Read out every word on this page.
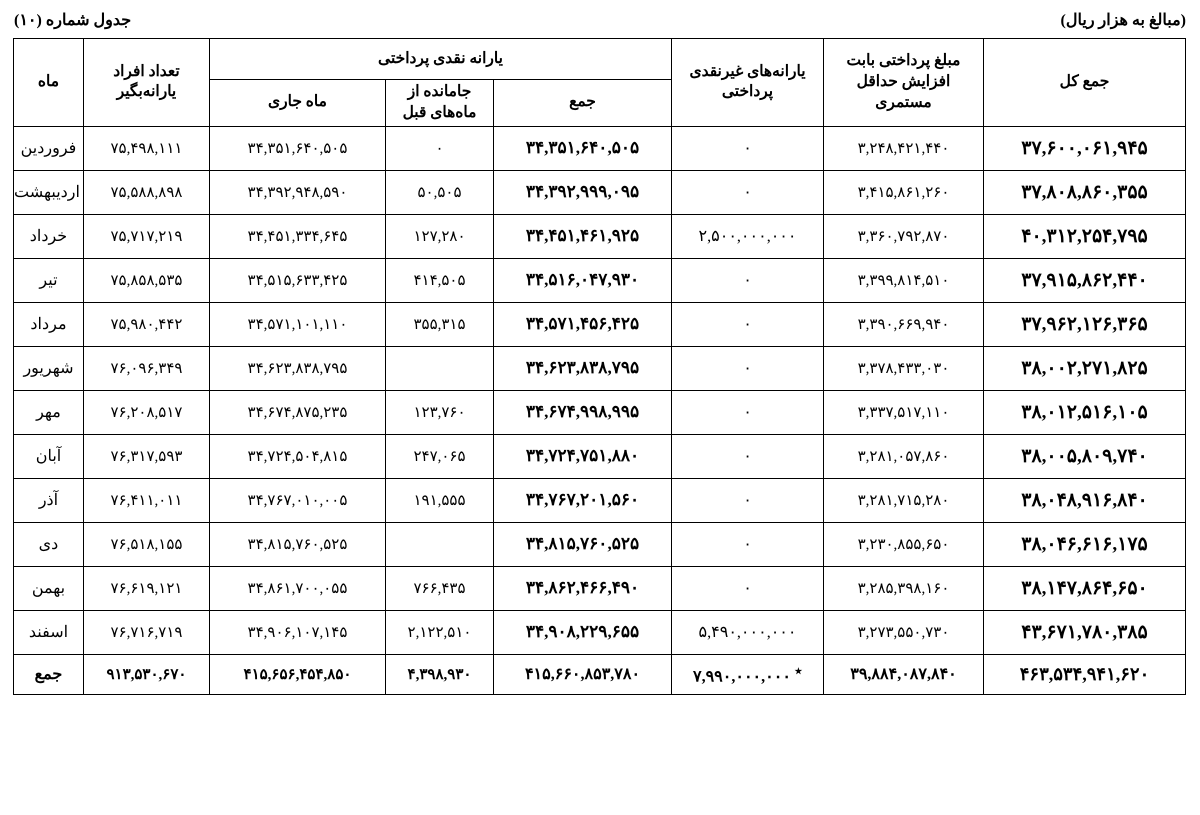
(مبالغ به هزار ریال)
جدول شماره (۱۰)
جمع کل	مبلغ پرداختی بابت افزایش حداقل مستمری	یارانه‌های غیرنقدی پرداختی	یارانه نقدی پرداختی			تعداد افراد یارانه‌بگیر	ماه
			جمع	جامانده از ماه‌های قبل	ماه جاری		
۳۷,۶۰۰,۰۶۱,۹۴۵	۳,۲۴۸,۴۲۱,۴۴۰	۰	۳۴,۳۵۱,۶۴۰,۵۰۵	۰	۳۴,۳۵۱,۶۴۰,۵۰۵	۷۵,۴۹۸,۱۱۱	فروردین
۳۷,۸۰۸,۸۶۰,۳۵۵	۳,۴۱۵,۸۶۱,۲۶۰	۰	۳۴,۳۹۲,۹۹۹,۰۹۵	۵۰,۵۰۵	۳۴,۳۹۲,۹۴۸,۵۹۰	۷۵,۵۸۸,۸۹۸	اردیبهشت
۴۰,۳۱۲,۲۵۴,۷۹۵	۳,۳۶۰,۷۹۲,۸۷۰	۲,۵۰۰,۰۰۰,۰۰۰	۳۴,۴۵۱,۴۶۱,۹۲۵	۱۲۷,۲۸۰	۳۴,۴۵۱,۳۳۴,۶۴۵	۷۵,۷۱۷,۲۱۹	خرداد
۳۷,۹۱۵,۸۶۲,۴۴۰	۳,۳۹۹,۸۱۴,۵۱۰	۰	۳۴,۵۱۶,۰۴۷,۹۳۰	۴۱۴,۵۰۵	۳۴,۵۱۵,۶۳۳,۴۲۵	۷۵,۸۵۸,۵۳۵	تیر
۳۷,۹۶۲,۱۲۶,۳۶۵	۳,۳۹۰,۶۶۹,۹۴۰	۰	۳۴,۵۷۱,۴۵۶,۴۲۵	۳۵۵,۳۱۵	۳۴,۵۷۱,۱۰۱,۱۱۰	۷۵,۹۸۰,۴۴۲	مرداد
۳۸,۰۰۲,۲۷۱,۸۲۵	۳,۳۷۸,۴۳۳,۰۳۰	۰	۳۴,۶۲۳,۸۳۸,۷۹۵		۳۴,۶۲۳,۸۳۸,۷۹۵	۷۶,۰۹۶,۳۴۹	شهریور
۳۸,۰۱۲,۵۱۶,۱۰۵	۳,۳۳۷,۵۱۷,۱۱۰	۰	۳۴,۶۷۴,۹۹۸,۹۹۵	۱۲۳,۷۶۰	۳۴,۶۷۴,۸۷۵,۲۳۵	۷۶,۲۰۸,۵۱۷	مهر
۳۸,۰۰۵,۸۰۹,۷۴۰	۳,۲۸۱,۰۵۷,۸۶۰	۰	۳۴,۷۲۴,۷۵۱,۸۸۰	۲۴۷,۰۶۵	۳۴,۷۲۴,۵۰۴,۸۱۵	۷۶,۳۱۷,۵۹۳	آبان
۳۸,۰۴۸,۹۱۶,۸۴۰	۳,۲۸۱,۷۱۵,۲۸۰	۰	۳۴,۷۶۷,۲۰۱,۵۶۰	۱۹۱,۵۵۵	۳۴,۷۶۷,۰۱۰,۰۰۵	۷۶,۴۱۱,۰۱۱	آذر
۳۸,۰۴۶,۶۱۶,۱۷۵	۳,۲۳۰,۸۵۵,۶۵۰	۰	۳۴,۸۱۵,۷۶۰,۵۲۵		۳۴,۸۱۵,۷۶۰,۵۲۵	۷۶,۵۱۸,۱۵۵	دی
۳۸,۱۴۷,۸۶۴,۶۵۰	۳,۲۸۵,۳۹۸,۱۶۰	۰	۳۴,۸۶۲,۴۶۶,۴۹۰	۷۶۶,۴۳۵	۳۴,۸۶۱,۷۰۰,۰۵۵	۷۶,۶۱۹,۱۲۱	بهمن
۴۳,۶۷۱,۷۸۰,۳۸۵	۳,۲۷۳,۵۵۰,۷۳۰	۵,۴۹۰,۰۰۰,۰۰۰	۳۴,۹۰۸,۲۲۹,۶۵۵	۲,۱۲۲,۵۱۰	۳۴,۹۰۶,۱۰۷,۱۴۵	۷۶,۷۱۶,۷۱۹	اسفند
۴۶۳,۵۳۴,۹۴۱,۶۲۰	۳۹,۸۸۴,۰۸۷,۸۴۰	٭ ۷,۹۹۰,۰۰۰,۰۰۰	۴۱۵,۶۶۰,۸۵۳,۷۸۰	۴,۳۹۸,۹۳۰	۴۱۵,۶۵۶,۴۵۴,۸۵۰	۹۱۳,۵۳۰,۶۷۰	جمع
